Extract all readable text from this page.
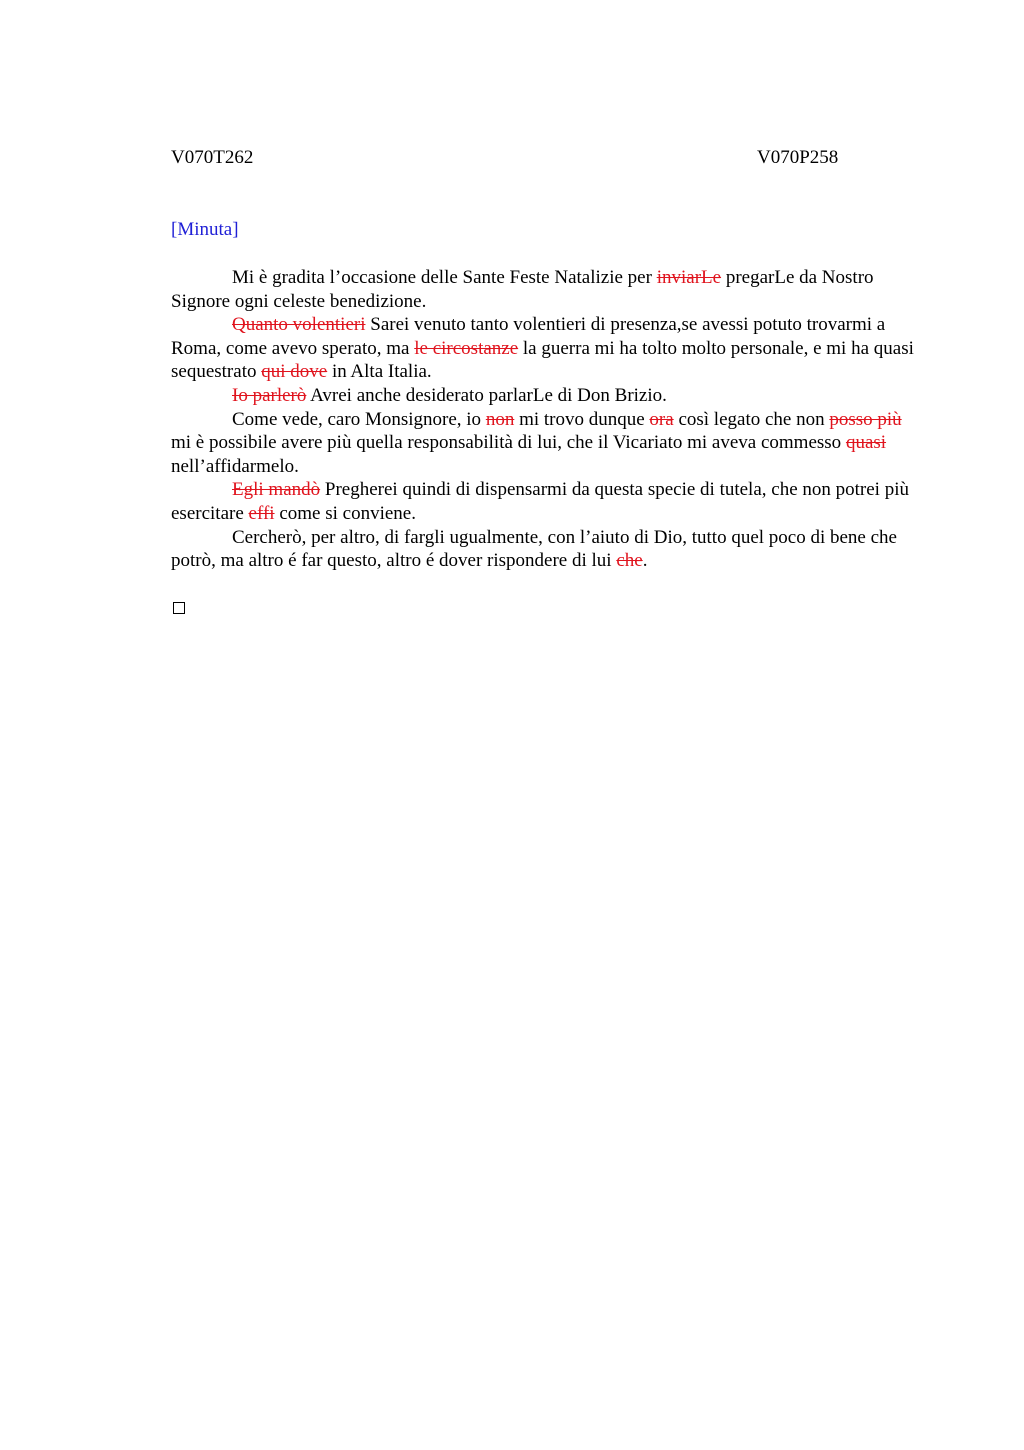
V070T262	V070P258
[Minuta]

Mi è gradita l’occasione delle Sante Feste Natalizie per inviarLe pregarLe da Nostro Signore ogni celeste benedizione.

Quanto volentieri Sarei venuto tanto volentieri di presenza,se avessi potuto trovarmi a Roma, come avevo sperato, ma le circostanze la guerra mi ha tolto molto personale, e mi ha quasi sequestrato qui dove in Alta Italia.

Io parlerò Avrei anche desiderato parlarLe di Don Brizio.

Come vede, caro Monsignore, io non mi trovo dunque ora così legato che non posso più mi è possibile avere più quella responsabilità di lui, che il Vicariato mi aveva commesso quasi nell’affidarmelo.

Egli mandò Pregherei quindi di dispensarmi da questa specie di tutela, che non potrei più esercitare effi come si conviene.

Cercherò, per altro, di fargli ugualmente, con l’aiuto di Dio, tutto quel poco di bene che potrò, ma altro é far questo, altro é dover rispondere di lui che.
